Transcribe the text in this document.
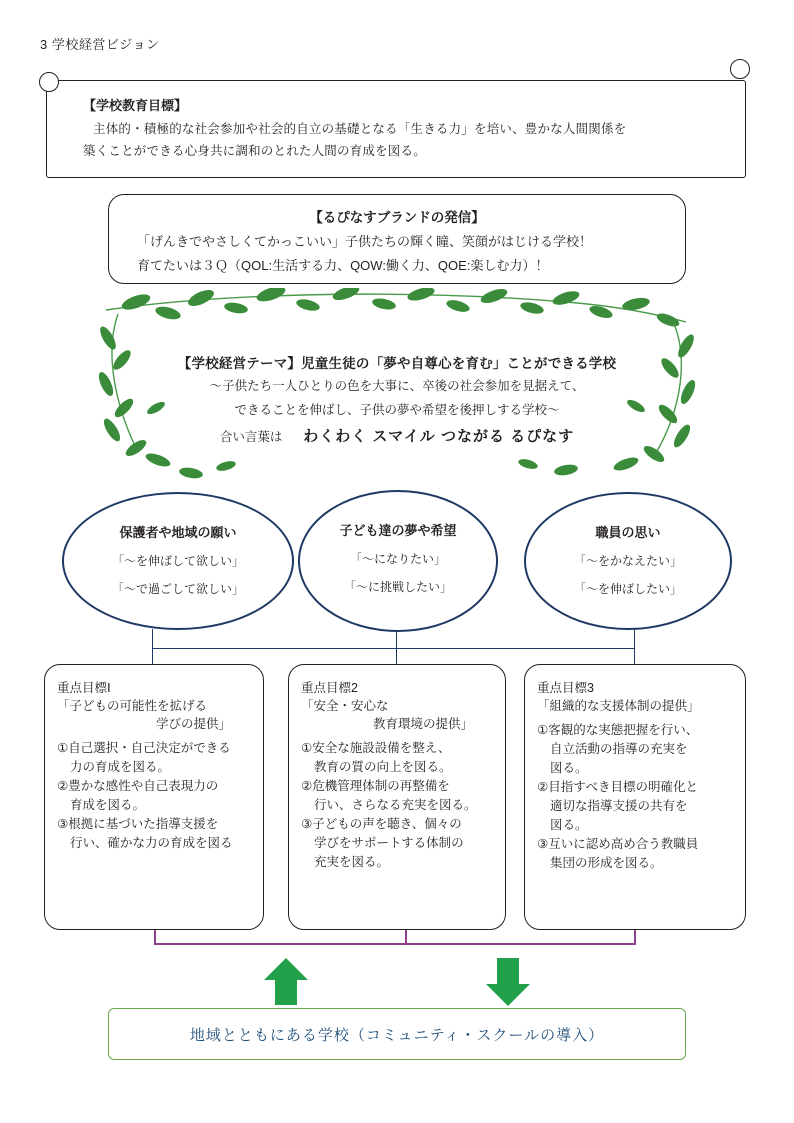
3 学校経営ビジョン
【学校教育目標】
主体的・積極的な社会参加や社会的自立の基礎となる「生きる力」を培い、豊かな人間関係を
築くことができる心身共に調和のとれた人間の育成を図る。
【るぴなすブランドの発信】
「げんきでやさしくてかっこいい」子供たちの輝く瞳、笑顔がはじける学校！
育てたいは３Ｑ（QOL:生活する力、QOW:働く力、QOE:楽しむ力）！
【学校経営テーマ】児童生徒の「夢や自尊心を育む」ことができる学校
～子供たち一人ひとりの色を大事に、卒後の社会参加を見据えて、
できることを伸ばし、子供の夢や希望を後押しする学校～
合い言葉は わくわく スマイル つながる るぴなす
保護者や地域の願い
「～を伸ばして欲しい」
「～で過ごして欲しい」
子ども達の夢や希望
「～になりたい」
「～に挑戦したい」
職員の思い
「～をかなえたい」
「～を伸ばしたい」
重点目標Ⅰ
「子どもの可能性を拡げる
学びの提供」
①自己選択・自己決定ができる
力の育成を図る。
②豊かな感性や自己表現力の
育成を図る。
③根拠に基づいた指導支援を
行い、確かな力の育成を図る
重点目標2
「安全・安心な
教育環境の提供」
①安全な施設設備を整え、
教育の質の向上を図る。
②危機管理体制の再整備を
行い、さらなる充実を図る。
③子どもの声を聴き、個々の
学びをサポートする体制の
充実を図る。
重点目標3
「組織的な支援体制の提供」
①客観的な実態把握を行い、
自立活動の指導の充実を
図る。
②目指すべき目標の明確化と
適切な指導支援の共有を
図る。
③互いに認め高め合う教職員
集団の形成を図る。
地域とともにある学校（コミュニティ・スクールの導入）
